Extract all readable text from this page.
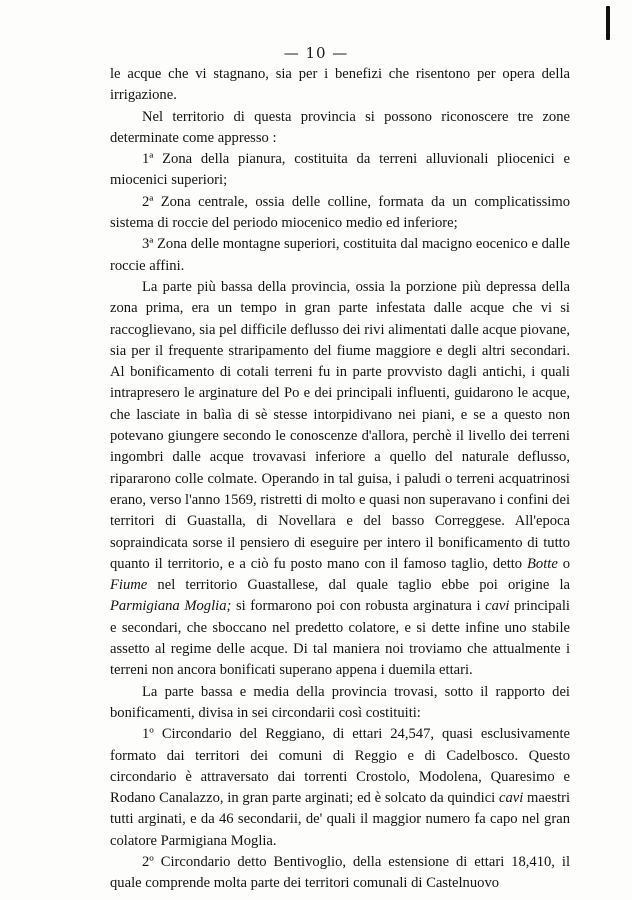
— 10 —

le acque che vi stagnano, sia per i benefizi che risentono per opera della irrigazione.

Nel territorio di questa provincia si possono riconoscere tre zone determinate come appresso :

1ª Zona della pianura, costituita da terreni alluvionali pliocenici e miocenici superiori;

2ª Zona centrale, ossia delle colline, formata da un complicatissimo sistema di roccie del periodo miocenico medio ed inferiore;

3ª Zona delle montagne superiori, costituita dal macigno eocenico e dalle roccie affini.

La parte più bassa della provincia, ossia la porzione più depressa della zona prima, era un tempo in gran parte infestata dalle acque che vi si raccoglievano, sia pel difficile deflusso dei rivi alimentati dalle acque piovane, sia per il frequente straripamento del fiume maggiore e degli altri secondari. Al bonificamento di cotali terreni fu in parte provvisto dagli antichi, i quali intrapresero le arginature del Po e dei principali influenti, guidarono le acque, che lasciate in balìa di sè stesse intorpidivano nei piani, e se a questo non potevano giungere secondo le conoscenze d'allora, perchè il livello dei terreni ingombri dalle acque trovavasi inferiore a quello del naturale deflusso, ripararono colle colmate. Operando in tal guisa, i paludi o terreni acquatrinosi erano, verso l'anno 1569, ristretti di molto e quasi non superavano i confini dei territori di Guastalla, di Novellara e del basso Correggese. All'epoca sopraindicata sorse il pensiero di eseguire per intero il bonificamento di tutto quanto il territorio, e a ciò fu posto mano con il famoso taglio, detto Botte o Fiume nel territorio Guastallese, dal quale taglio ebbe poi origine la Parmigiana Moglia; si formarono poi con robusta arginatura i cavi principali e secondari, che sboccano nel predetto colatore, e si dette infine uno stabile assetto al regime delle acque. Di tal maniera noi troviamo che attualmente i terreni non ancora bonificati superano appena i duemila ettari.

La parte bassa e media della provincia trovasi, sotto il rapporto dei bonificamenti, divisa in sei circondarii così costituiti:

1º Circondario del Reggiano, di ettari 24,547, quasi esclusivamente formato dai territori dei comuni di Reggio e di Cadelbosco. Questo circondario è attraversato dai torrenti Crostolo, Modolena, Quaresimo e Rodano Canalazzo, in gran parte arginati; ed è solcato da quindici cavi maestri tutti arginati, e da 46 secondarii, de' quali il maggior numero fa capo nel gran colatore Parmigiana Moglia.

2º Circondario detto Bentivoglio, della estensione di ettari 18,410, il quale comprende molta parte dei territori comunali di Castelnuovo
